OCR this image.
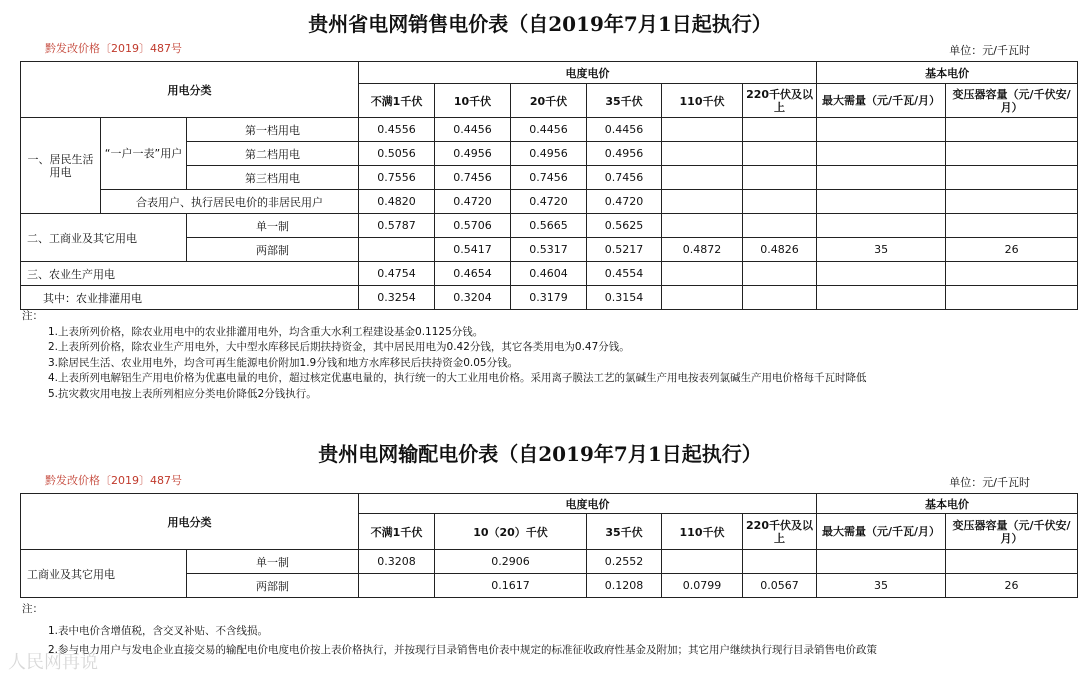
贵州省电网销售电价表（自2019年7月1日起执行）
黔发改价格〔2019〕487号	单位：元/千瓦时
用电分类			电度电价						基本电价	
			不满1千伏	10千伏	20千伏	35千伏	110千伏	220千伏及以上	最大需量（元/千瓦/月）	变压器容量（元/千伏安/月）
一、居民生活用电	“一户一表”用户	第一档用电	0.4556	0.4456	0.4456	0.4456				
		第二档用电	0.5056	0.4956	0.4956	0.4956				
		第三档用电	0.7556	0.7456	0.7456	0.7456				
	合表用户、执行居民电价的非居民用户		0.4820	0.4720	0.4720	0.4720				
二、工商业及其它用电		单一制	0.5787	0.5706	0.5665	0.5625				
		两部制		0.5417	0.5317	0.5217	0.4872	0.4826	35	26
三、农业生产用电			0.4754	0.4654	0.4604	0.4554				
其中：农业排灌用电			0.3254	0.3204	0.3179	0.3154				
注：
1.上表所列价格，除农业用电中的农业排灌用电外，均含重大水利工程建设基金0.1125分钱。
2.上表所列价格，除农业生产用电外，大中型水库移民后期扶持资金，其中居民用电为0.42分钱，其它各类用电为0.47分钱。
3.除居民生活、农业用电外，均含可再生能源电价附加1.9分钱和地方水库移民后扶持资金0.05分钱。
4.上表所列电解铝生产用电价格为优惠电量的电价，超过核定优惠电量的，执行统一的大工业用电价格。采用离子膜法工艺的氯碱生产用电按表列氯碱生产用电价格每千瓦时降低
5.抗灾救灾用电按上表所列相应分类电价降低2分钱执行。
贵州电网输配电价表（自2019年7月1日起执行）
黔发改价格〔2019〕487号	单位：元/千瓦时
用电分类		电度电价					基本电价	
		不满1千伏	10（20）千伏	35千伏	110千伏	220千伏及以上	最大需量（元/千瓦/月）	变压器容量（元/千伏安/月）
工商业及其它用电	单一制	0.3208	0.2906	0.2552				
	两部制		0.1617	0.1208	0.0799	0.0567	35	26
注：
1.表中电价含增值税，含交叉补贴、不含线损。
2.参与电力用户与发电企业直接交易的输配电价电度电价按上表价格执行，并按现行目录销售电价表中规定的标准征收政府性基金及附加；其它用户继续执行现行目录销售电价政策
人民网再说
